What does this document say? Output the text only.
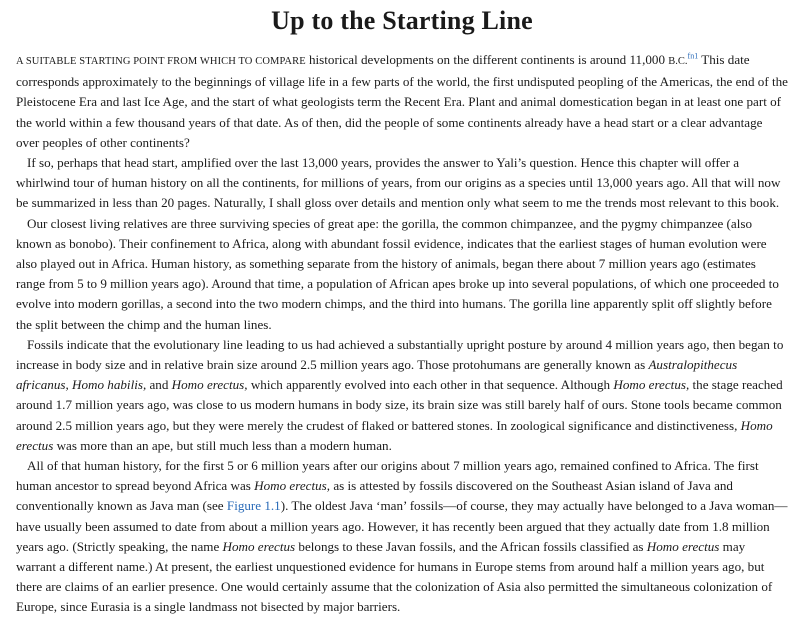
Up to the Starting Line

A SUITABLE STARTING POINT FROM WHICH TO COMPARE historical developments on the different continents is around 11,000 B.C.$^{fn1}$ This date corresponds approximately to the beginnings of village life in a few parts of the world, the first undisputed peopling of the Americas, the end of the Pleistocene Era and last Ice Age, and the start of what geologists term the Recent Era. Plant and animal domestication began in at least one part of the world within a few thousand years of that date. As of then, did the people of some continents already have a head start or a clear advantage over peoples of other continents?

If so, perhaps that head start, amplified over the last 13,000 years, provides the answer to Yali’s question. Hence this chapter will offer a whirlwind tour of human history on all the continents, for millions of years, from our origins as a species until 13,000 years ago. All that will now be summarized in less than 20 pages. Naturally, I shall gloss over details and mention only what seem to me the trends most relevant to this book.

Our closest living relatives are three surviving species of great ape: the gorilla, the common chimpanzee, and the pygmy chimpanzee (also known as bonobo). Their confinement to Africa, along with abundant fossil evidence, indicates that the earliest stages of human evolution were also played out in Africa. Human history, as something separate from the history of animals, began there about 7 million years ago (estimates range from 5 to 9 million years ago). Around that time, a population of African apes broke up into several populations, of which one proceeded to evolve into modern gorillas, a second into the two modern chimps, and the third into humans. The gorilla line apparently split off slightly before the split between the chimp and the human lines.

Fossils indicate that the evolutionary line leading to us had achieved a substantially upright posture by around 4 million years ago, then began to increase in body size and in relative brain size around 2.5 million years ago. Those protohumans are generally known as Australopithecus africanus, Homo habilis, and Homo erectus, which apparently evolved into each other in that sequence. Although Homo erectus, the stage reached around 1.7 million years ago, was close to us modern humans in body size, its brain size was still barely half of ours. Stone tools became common around 2.5 million years ago, but they were merely the crudest of flaked or battered stones. In zoological significance and distinctiveness, Homo erectus was more than an ape, but still much less than a modern human.

All of that human history, for the first 5 or 6 million years after our origins about 7 million years ago, remained confined to Africa. The first human ancestor to spread beyond Africa was Homo erectus, as is attested by fossils discovered on the Southeast Asian island of Java and conventionally known as Java man (see Figure 1.1). The oldest Java ‘man’ fossils—of course, they may actually have belonged to a Java woman—have usually been assumed to date from about a million years ago. However, it has recently been argued that they actually date from 1.8 million years ago. (Strictly speaking, the name Homo erectus belongs to these Javan fossils, and the African fossils classified as Homo erectus may warrant a different name.) At present, the earliest unquestioned evidence for humans in Europe stems from around half a million years ago, but there are claims of an earlier presence. One would certainly assume that the colonization of Asia also permitted the simultaneous colonization of Europe, since Eurasia is a single landmass not bisected by major barriers.
